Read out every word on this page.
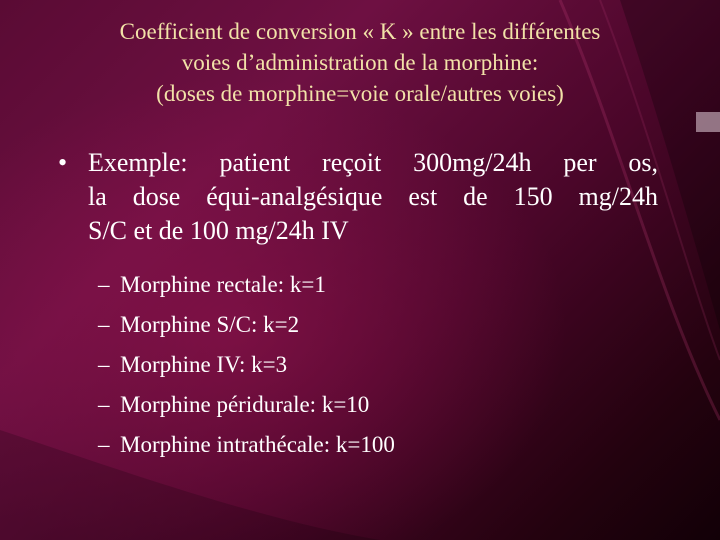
Coefficient de conversion « K » entre les différentes
voies d’administration de la morphine:
(doses de morphine=voie orale/autres voies)
• Exemple: patient reçoit 300mg/24h per os,
la dose équi-analgésique est de 150 mg/24h
S/C et de 100 mg/24h IV
– Morphine rectale: k=1
– Morphine S/C: k=2
– Morphine IV: k=3
– Morphine péridurale: k=10
– Morphine intrathécale: k=100
